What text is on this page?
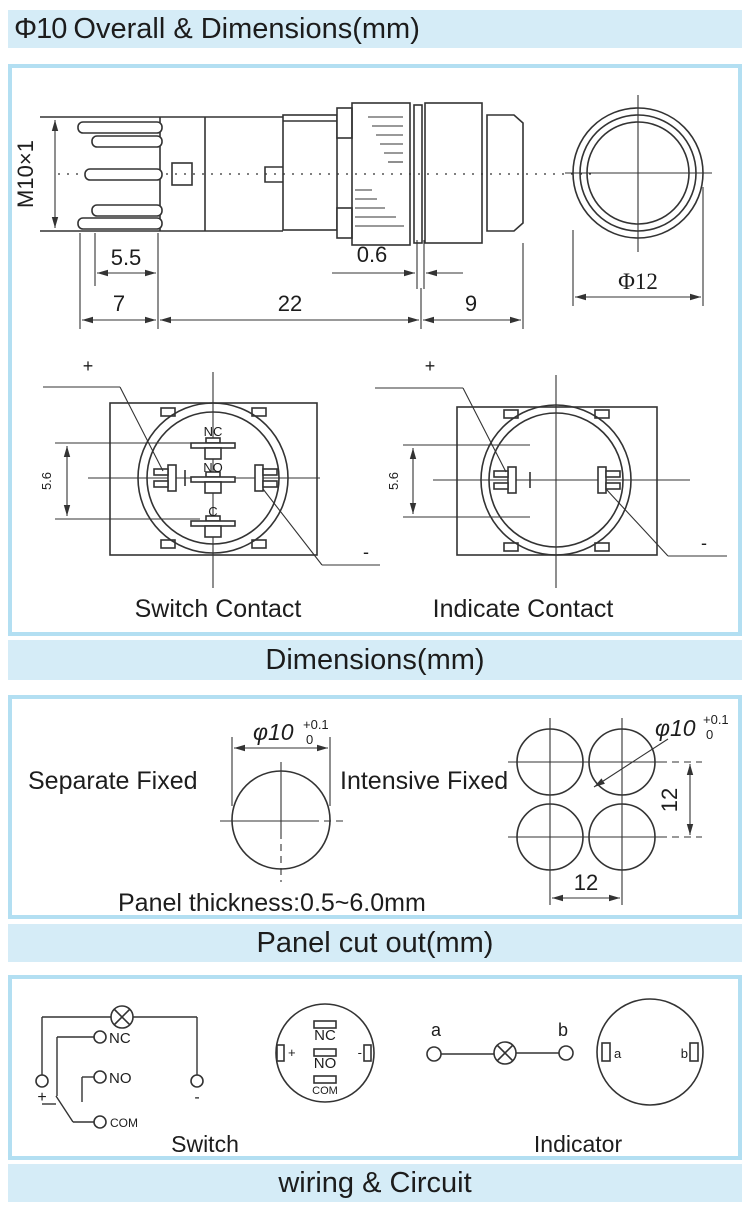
Φ10 Overall & Dimensions(mm)
M10×1
5.5
7	22	9
0.6
Φ12
NC
NO
C
5.6
+
-
Switch Contact
5.6
+
-
Indicate Contact
Dimensions(mm)
Separate Fixed
φ10 +0.1
0
Intensive Fixed
φ10 +0.1
0
12
12
Panel thickness:0.5~6.0mm
Panel cut out(mm)
+	-
NC
NO
COM
Switch
NC
NO
COM
+	-
a	b
Indicator
a	b
wiring & Circuit
